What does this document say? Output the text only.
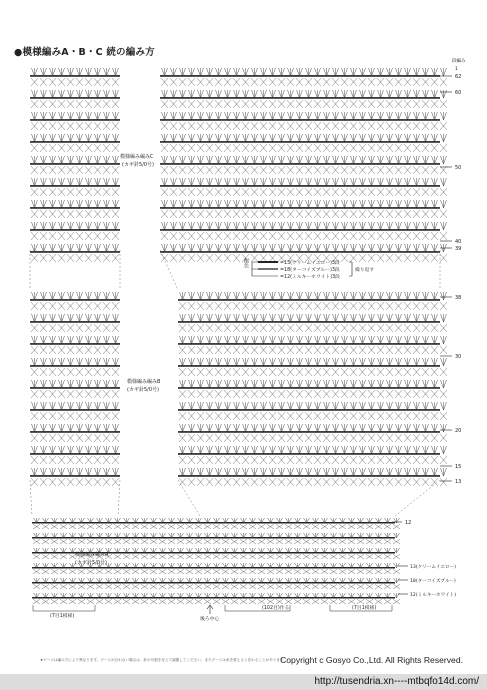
●模様編みA・B・C 続の編み方
段編み
1
模様編み編みC
(カギ針5/0号)
模様編み編みB
(カギ針5/0号)
模様編み編みA
(カギ針5/0号)
62
60
50
40
39
38
30
20
15
13
12
配色	=13(クリームイエロー)3段
=18(ターコイズブルー)3段
=12(ミルキーホワイト)3段
繰り返す
13(クリームイエロー)
18(ターコイズブルー)
12(ミルキーホワイト)
(7目1模様)
後ろ中心
(102目)作る	(7目1模様)
★ゲージは編み方により異なります。ゲージが合わない場合は、針の号数を変えて調節してください。またゲージは糸を替えると変わることがあります。
Copyright c Gosyo Co.,Ltd. All Rights Reserved.
http://tusendria.xn----mtbqfo14d.com/
